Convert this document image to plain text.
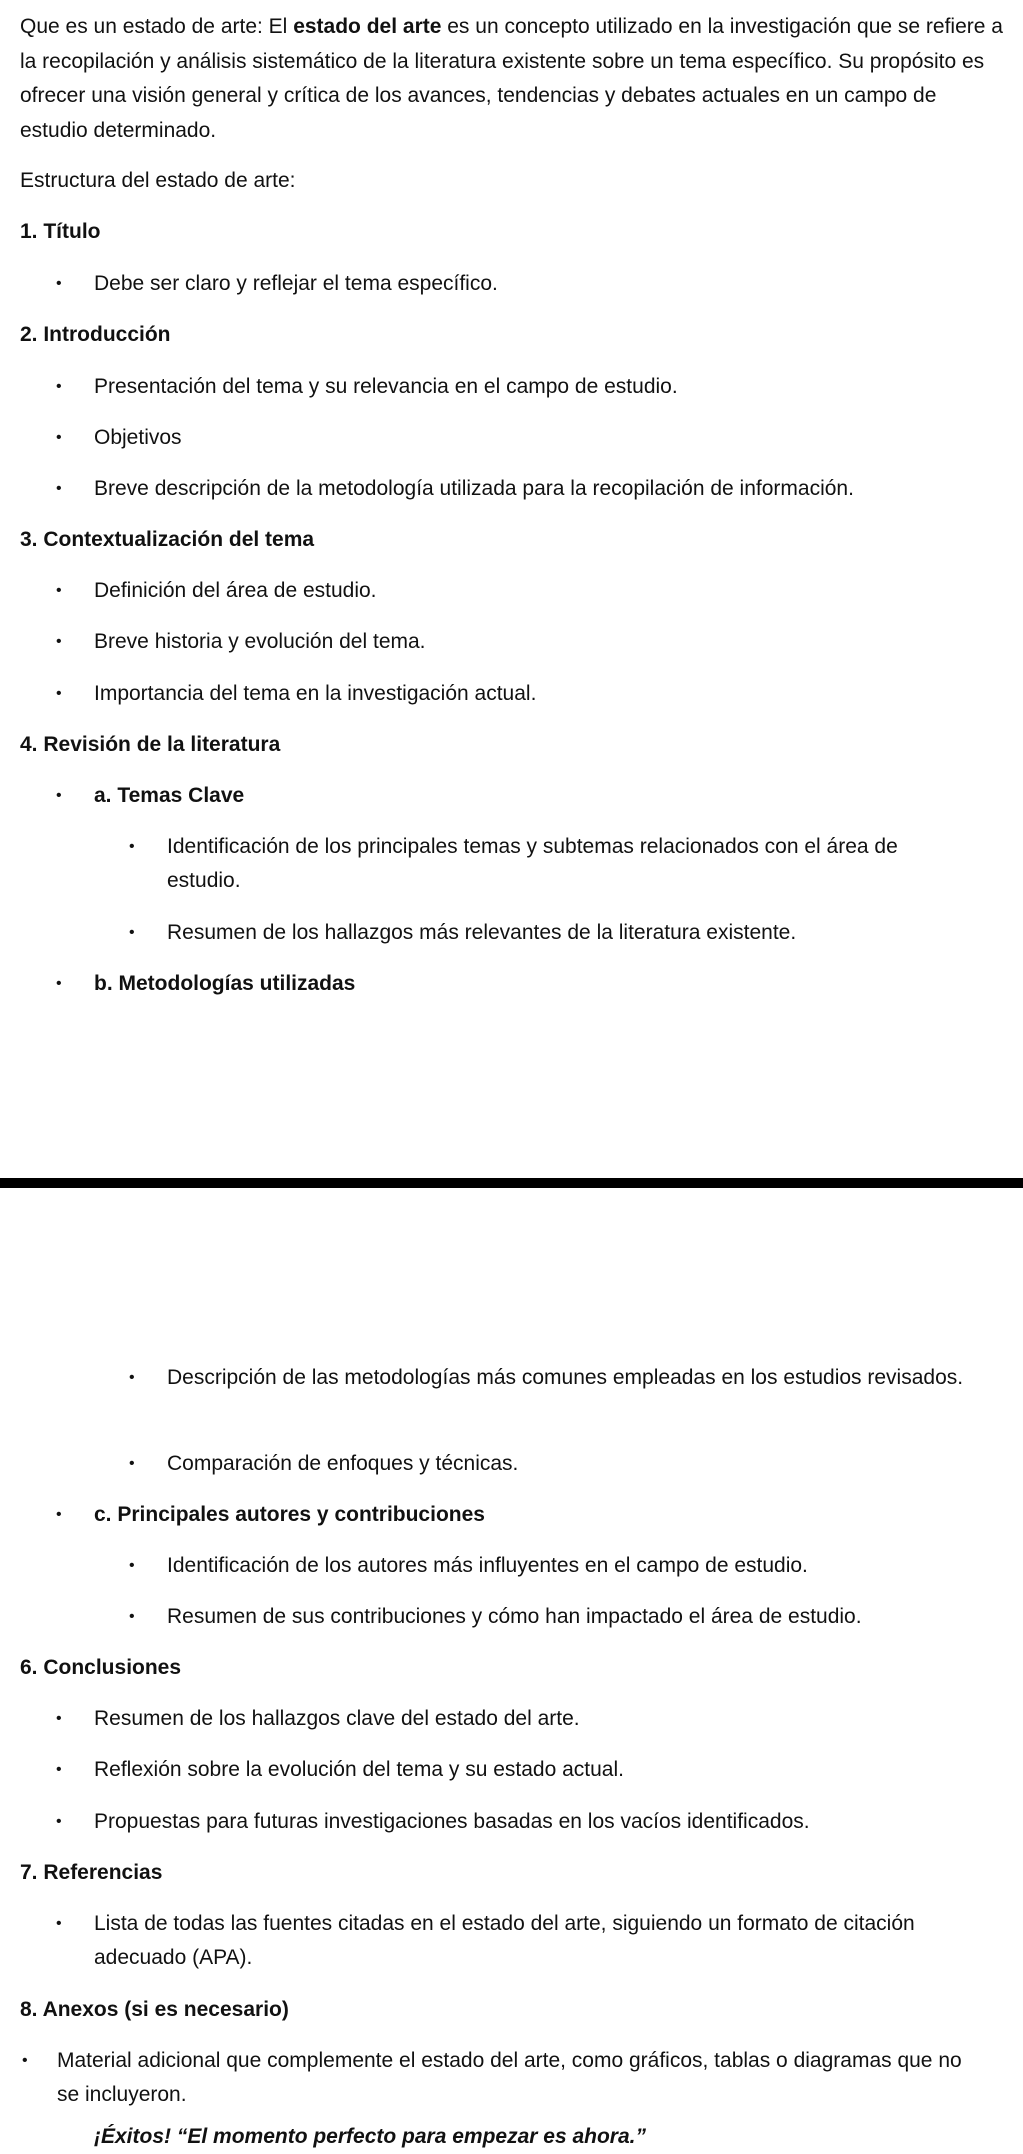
Que es un estado de arte: El estado del arte es un concepto utilizado en la investigación que se refiere a la recopilación y análisis sistemático de la literatura existente sobre un tema específico. Su propósito es ofrecer una visión general y crítica de los avances, tendencias y debates actuales en un campo de estudio determinado.
Estructura del estado de arte:
1. Título
• Debe ser claro y reflejar el tema específico.
2. Introducción
• Presentación del tema y su relevancia en el campo de estudio.
• Objetivos
• Breve descripción de la metodología utilizada para la recopilación de información.
3. Contextualización del tema
• Definición del área de estudio.
• Breve historia y evolución del tema.
• Importancia del tema en la investigación actual.
4. Revisión de la literatura
• a. Temas Clave
• Identificación de los principales temas y subtemas relacionados con el área de estudio.
• Resumen de los hallazgos más relevantes de la literatura existente.
• b. Metodologías utilizadas
• Descripción de las metodologías más comunes empleadas en los estudios revisados.
• Comparación de enfoques y técnicas.
• c. Principales autores y contribuciones
• Identificación de los autores más influyentes en el campo de estudio.
• Resumen de sus contribuciones y cómo han impactado el área de estudio.
6. Conclusiones
• Resumen de los hallazgos clave del estado del arte.
• Reflexión sobre la evolución del tema y su estado actual.
• Propuestas para futuras investigaciones basadas en los vacíos identificados.
7. Referencias
• Lista de todas las fuentes citadas en el estado del arte, siguiendo un formato de citación adecuado (APA).
8. Anexos (si es necesario)
• Material adicional que complemente el estado del arte, como gráficos, tablas o diagramas que no se incluyeron.
¡Éxitos! “El momento perfecto para empezar es ahora.”
